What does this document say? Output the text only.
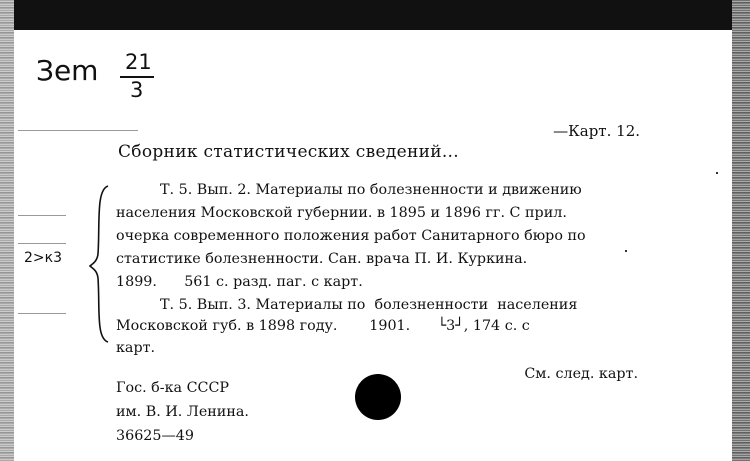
Зem 21
3
—Карт. 12.
Сборник статистических сведений...
2>к3
Т. 5. Вып. 2. Материалы по болезненности и движению
населения Московской губернии. в 1895 и 1896 гг. С прил.
очерка современного положения работ Санитарного бюро по
статистике болезненности. Сан. врача П. И. Куркина.
1899.      561 с. разд. паг. с карт.
Т. 5. Вып. 3. Материалы по  болезненности  населения
Московской губ. в 1898 году.       1901.      └3┘, 174 с. с
карт.
См. след. карт.
Гос. б-ка СССР
им. В. И. Ленина.
36625—49
